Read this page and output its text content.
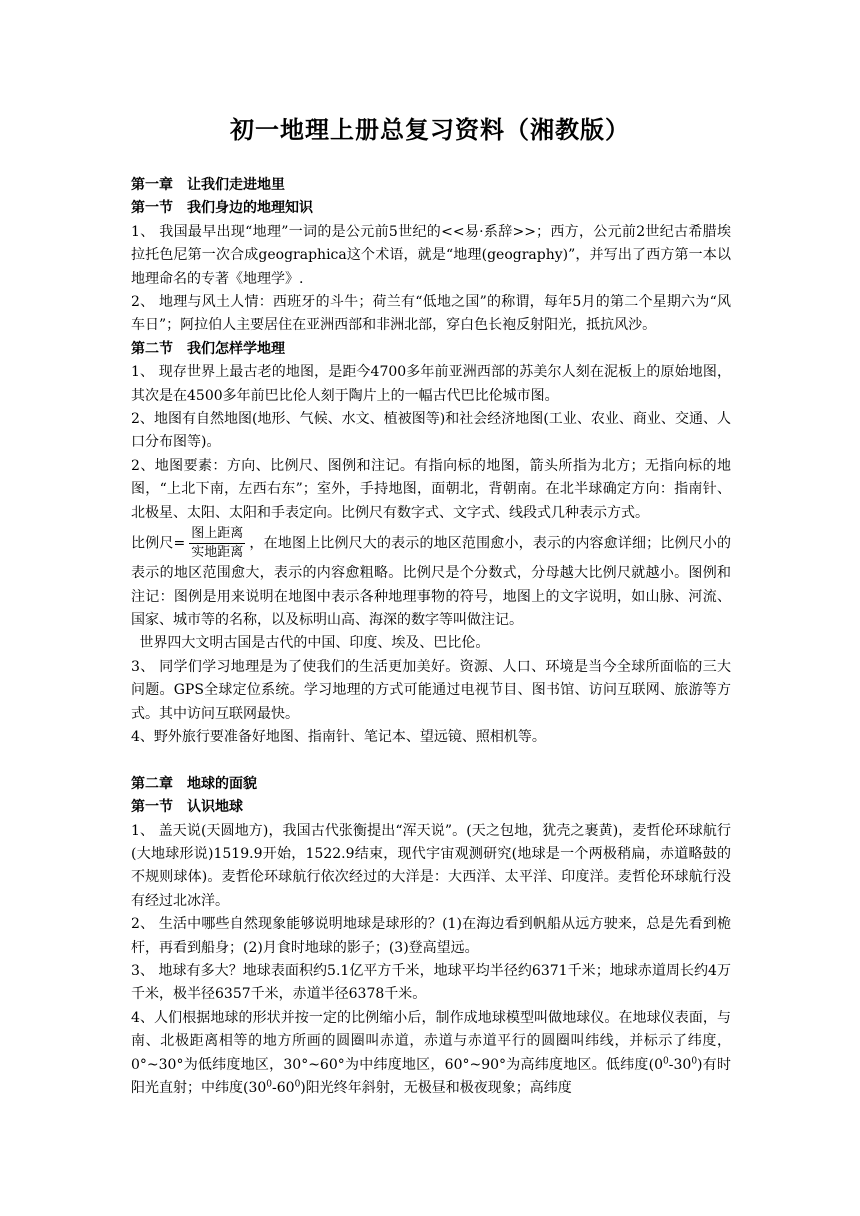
初一地理上册总复习资料（湘教版）

第一章　让我们走进地里

第一节　我们身边的地理知识

1、 我国最早出现“地理”一词的是公元前5世纪的<<易·系辞>>；西方，公元前2世纪古希腊埃拉托色尼第一次合成geographica这个术语，就是“地理(geography)”，并写出了西方第一本以地理命名的专著《地理学》.

2、 地理与风土人情：西班牙的斗牛；荷兰有“低地之国”的称谓，每年5月的第二个星期六为“风车日”；阿拉伯人主要居住在亚洲西部和非洲北部，穿白色长袍反射阳光，抵抗风沙。

第二节　我们怎样学地理

1、 现存世界上最古老的地图，是距今4700多年前亚洲西部的苏美尔人刻在泥板上的原始地图，其次是在4500多年前巴比伦人刻于陶片上的一幅古代巴比伦城市图。

2、地图有自然地图(地形、气候、水文、植被图等)和社会经济地图(工业、农业、商业、交通、人口分布图等)。

2、地图要素：方向、比例尺、图例和注记。有指向标的地图，箭头所指为北方；无指向标的地图，“上北下南，左西右东”；室外，手持地图，面朝北，背朝南。在北半球确定方向：指南针、北极星、太阳、太阳和手表定向。比例尺有数字式、文字式、线段式几种表示方式。

比例尺= $\frac{\text{图上距离}}{\text{实地距离}}$ ，在地图上比例尺大的表示的地区范围愈小，表示的内容愈详细；比例尺小的表示的地区范围愈大，表示的内容愈粗略。比例尺是个分数式，分母越大比例尺就越小。图例和注记：图例是用来说明在地图中表示各种地理事物的符号，地图上的文字说明，如山脉、河流、国家、城市等的名称，以及标明山高、海深的数字等叫做注记。

世界四大文明古国是古代的中国、印度、埃及、巴比伦。

3、 同学们学习地理是为了使我们的生活更加美好。资源、人口、环境是当今全球所面临的三大问题。GPS全球定位系统。学习地理的方式可能通过电视节目、图书馆、访问互联网、旅游等方式。其中访问互联网最快。

4、野外旅行要准备好地图、指南针、笔记本、望远镜、照相机等。

第二章　地球的面貌

第一节　认识地球

1、 盖天说(天圆地方)，我国古代张衡提出“浑天说”。(天之包地，犹壳之裹黄)，麦哲伦环球航行(大地球形说)1519.9开始，1522.9结束，现代宇宙观测研究(地球是一个两极稍扁，赤道略鼓的不规则球体)。麦哲伦环球航行依次经过的大洋是：大西洋、太平洋、印度洋。麦哲伦环球航行没有经过北冰洋。

2、 生活中哪些自然现象能够说明地球是球形的？(1)在海边看到帆船从远方驶来，总是先看到桅杆，再看到船身；(2)月食时地球的影子；(3)登高望远。

3、 地球有多大？地球表面积约5.1亿平方千米，地球平均半径约6371千米；地球赤道周长约4万千米，极半径6357千米，赤道半径6378千米。

4、人们根据地球的形状并按一定的比例缩小后，制作成地球模型叫做地球仪。在地球仪表面，与南、北极距离相等的地方所画的圆圈叫赤道，赤道与赤道平行的圆圈叫纬线，并标示了纬度，0°~30°为低纬度地区，30°~60°为中纬度地区，60°~90°为高纬度地区。低纬度$(0^0-30^0)$有时阳光直射；中纬度$(30^0-60^0)$阳光终年斜射，无极昼和极夜现象；高纬度
